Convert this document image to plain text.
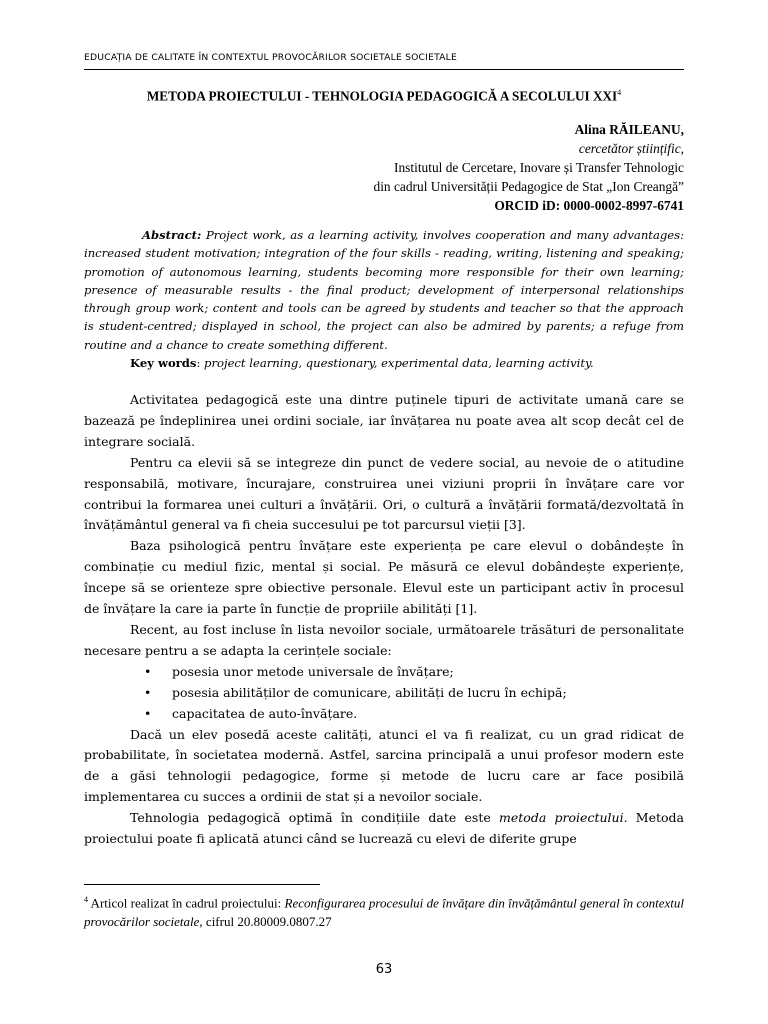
EDUCAȚIA DE CALITATE ÎN CONTEXTUL PROVOCĂRILOR SOCIETALE SOCIETALE
METODA PROIECTULUI - TEHNOLOGIA PEDAGOGICĂ A SECOLULUI XXI$^4$
Alina RĂILEANU,
cercetător științific,
Institutul de Cercetare, Inovare și Transfer Tehnologic
din cadrul Universității Pedagogice de Stat „Ion Creangă”
ORCID iD: 0000-0002-8997-6741
Abstract: Project work, as a learning activity, involves cooperation and many advantages: increased student motivation; integration of the four skills - reading, writing, listening and speaking; promotion of autonomous learning, students becoming more responsible for their own learning; presence of measurable results - the final product; development of interpersonal relationships through group work; content and tools can be agreed by students and teacher so that the approach is student-centred; displayed in school, the project can also be admired by parents; a refuge from routine and a chance to create something different.
Key words: project learning, questionary, experimental data, learning activity.

Activitatea pedagogică este una dintre puținele tipuri de activitate umană care se bazează pe îndeplinirea unei ordini sociale, iar învățarea nu poate avea alt scop decât cel de integrare socială.

Pentru ca elevii să se integreze din punct de vedere social, au nevoie de o atitudine responsabilă, motivare, încurajare, construirea unei viziuni proprii în învățare care vor contribui la formarea unei culturi a învățării. Ori, o cultură a învățării formată/dezvoltată în învățământul general va fi cheia succesului pe tot parcursul vieții [3].

Baza psihologică pentru învățare este experiența pe care elevul o dobândește în combinație cu mediul fizic, mental și social. Pe măsură ce elevul dobândește experiențe, începe să se orienteze spre obiective personale. Elevul este un participant activ în procesul de învățare la care ia parte în funcție de propriile abilități [1].

Recent, au fost incluse în lista nevoilor sociale, următoarele trăsături de personalitate necesare pentru a se adapta la cerințele sociale:

• posesia unor metode universale de învățare;
• posesia abilităților de comunicare, abilități de lucru în echipă;
• capacitatea de auto-învățare.

Dacă un elev posedă aceste calități, atunci el va fi realizat, cu un grad ridicat de probabilitate, în societatea modernă. Astfel, sarcina principală a unui profesor modern este de a găsi tehnologii pedagogice, forme și metode de lucru care ar face posibilă implementarea cu succes a ordinii de stat și a nevoilor sociale.

Tehnologia pedagogică optimă în condițiile date este metoda proiectului. Metoda proiectului poate fi aplicată atunci când se lucrează cu elevi de diferite grupe

$^4$ Articol realizat în cadrul proiectului: Reconfigurarea procesului de învățare din învățământul general în contextul provocărilor societale, cifrul 20.80009.0807.27
63
